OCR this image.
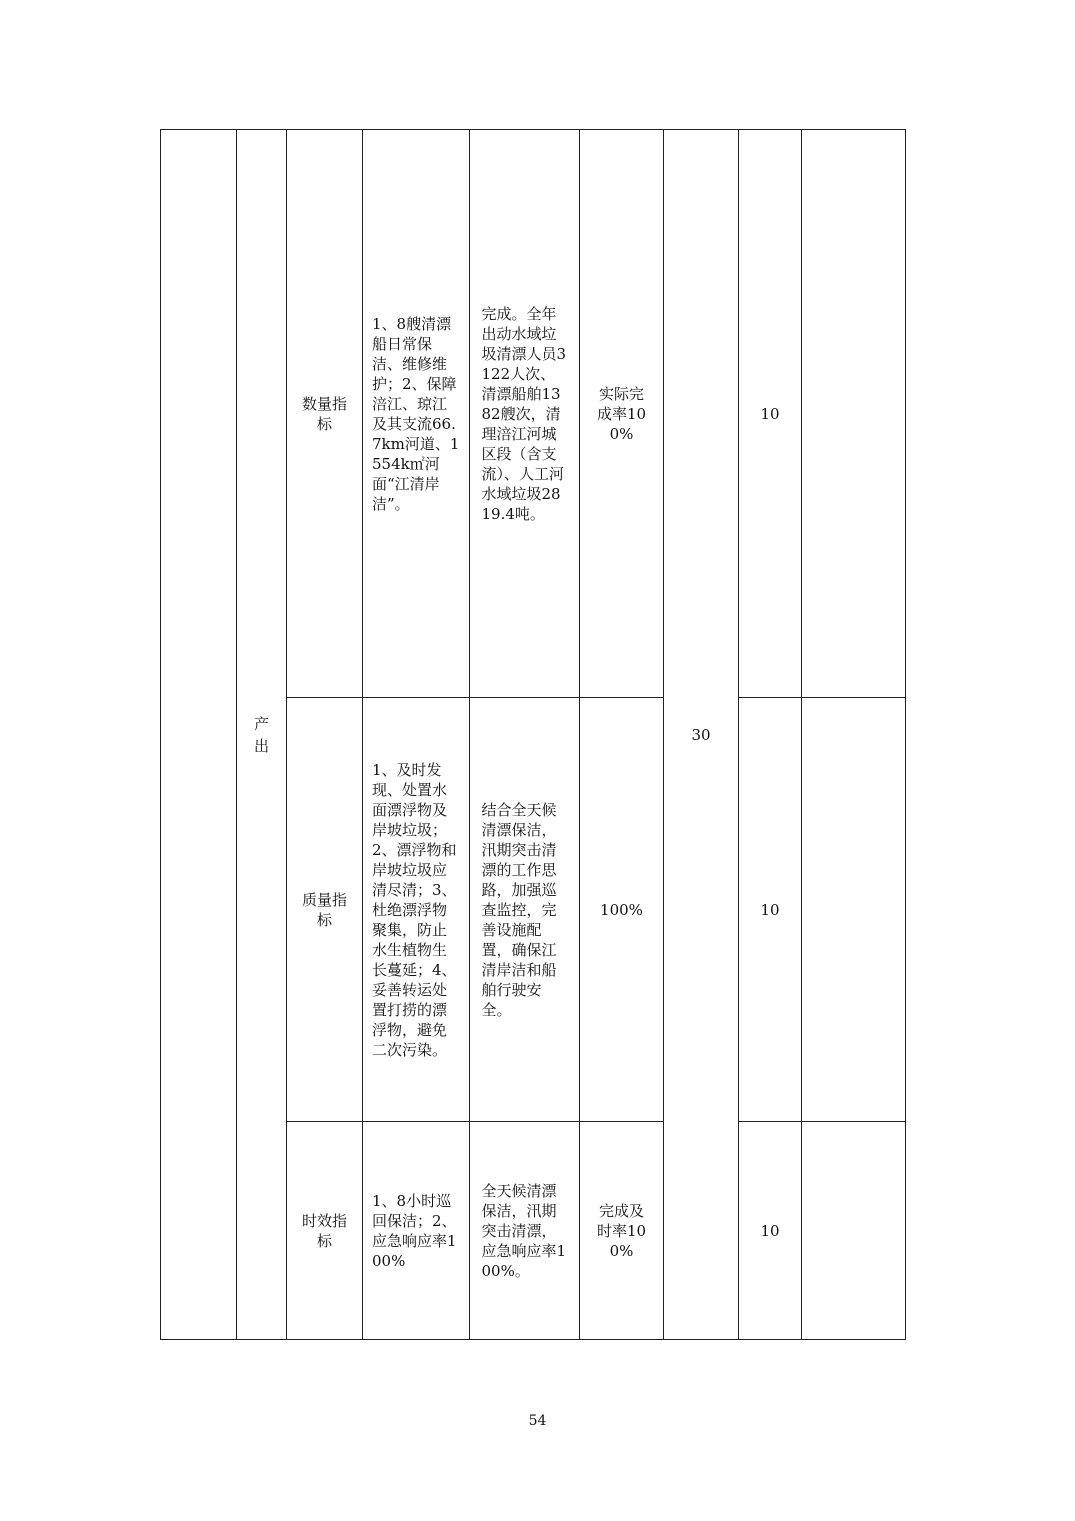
	产出	数量指标	1、8艘清漂船日常保洁、维修维护；2、保障涪江、琼江及其支流66.7km河道、1554k㎡河面“江清岸洁”。	完成。全年出动水域垃圾清漂人员3122人次、清漂船舶1382艘次，清理涪江河城区段（含支流）、人工河水域垃圾2819.4吨。	实际完成率100%	30	10	

		质量指标	1、及时发现、处置水面漂浮物及岸坡垃圾；2、漂浮物和岸坡垃圾应清尽清；3、杜绝漂浮物聚集，防止水生植物生长蔓延；4、妥善转运处置打捞的漂浮物，避免二次污染。	结合全天候清漂保洁，汛期突击清漂的工作思路，加强巡查监控，完善设施配置，确保江清岸洁和船舶行驶安全。	100%		10	

		时效指标	1、8小时巡回保洁；2、应急响应率100%	全天候清漂保洁，汛期突击清漂，应急响应率100%。	完成及时率100%		10	

54
